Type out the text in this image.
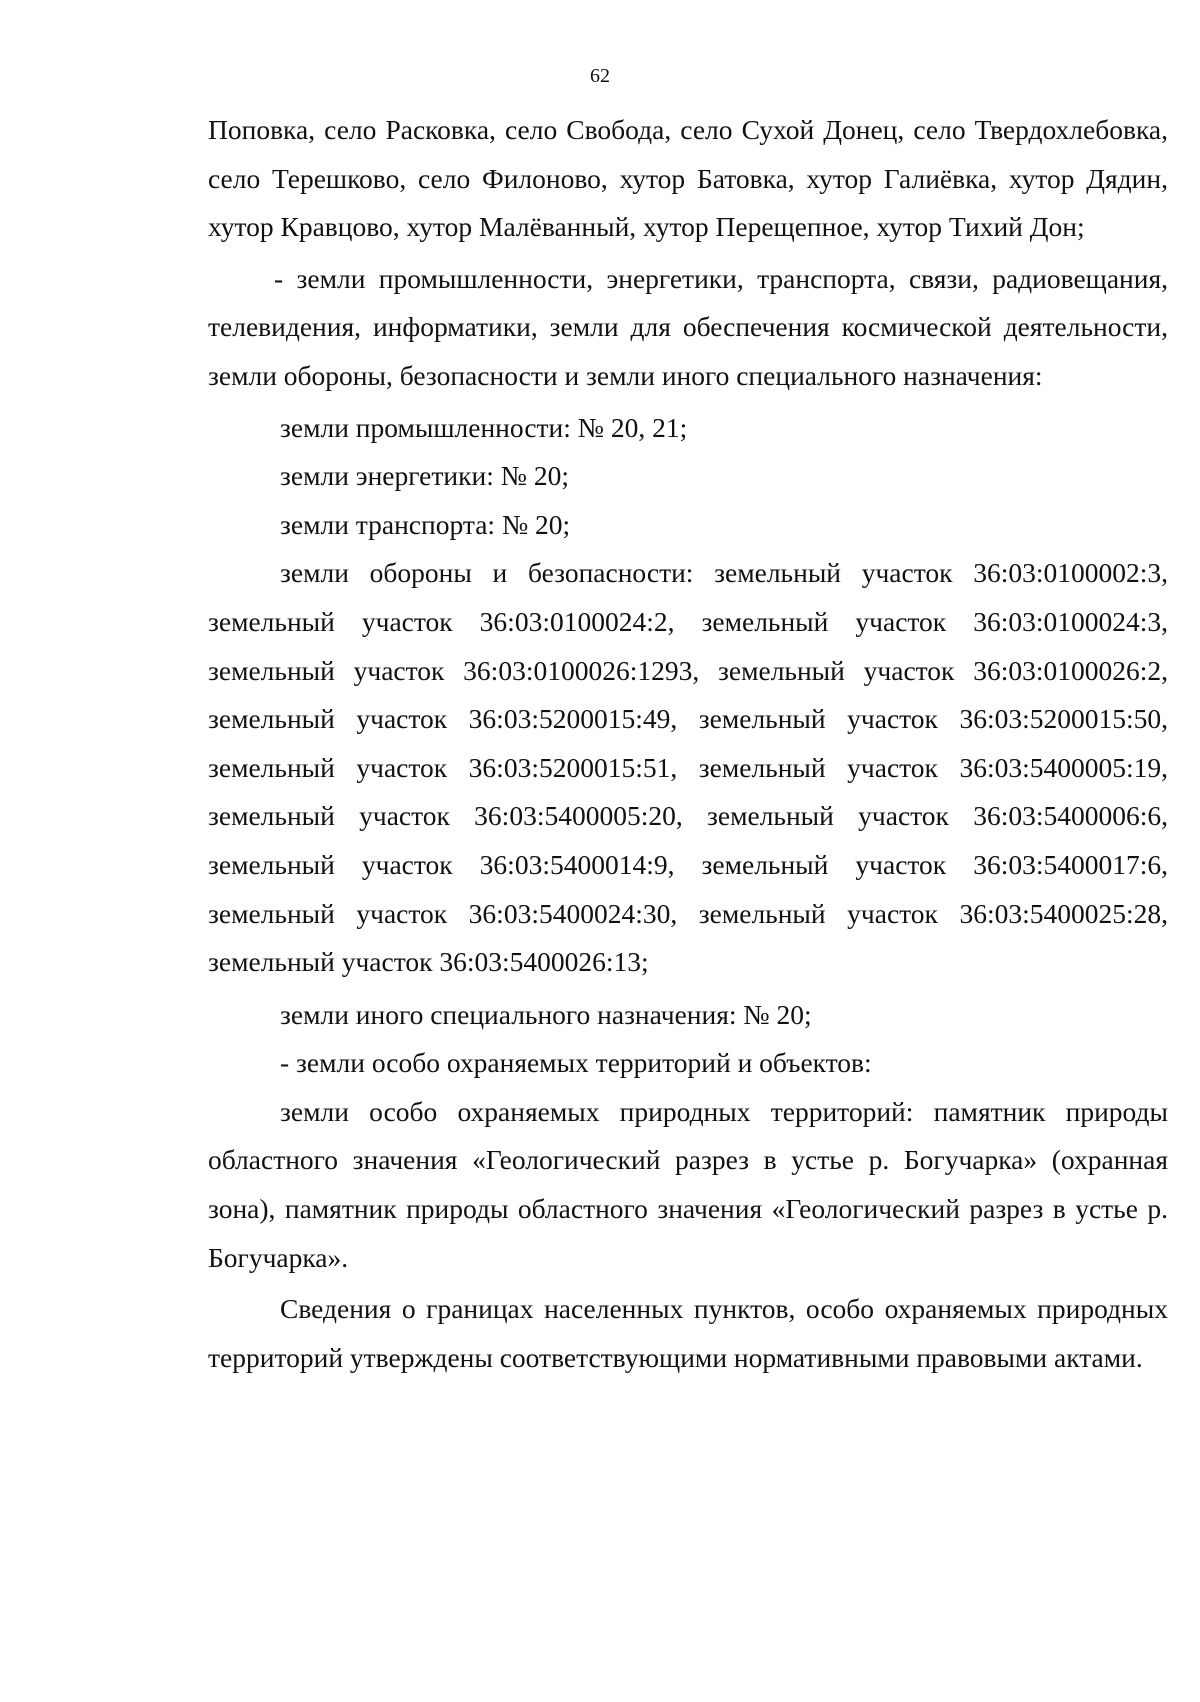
62

Поповка, село Расковка, село Свобода, село Сухой Донец, село Твердохлебовка, село Терешково, село Филоново, хутор Батовка, хутор Галиёвка, хутор Дядин, хутор Кравцово, хутор Малёванный, хутор Перещепное, хутор Тихий Дон;

- земли промышленности, энергетики, транспорта, связи, радиовещания, телевидения, информатики, земли для обеспечения космической деятельности, земли обороны, безопасности и земли иного специального назначения:

земли промышленности: № 20, 21;

земли энергетики: № 20;

земли транспорта: № 20;

земли обороны и безопасности: земельный участок 36:03:0100002:3, земельный участок 36:03:0100024:2, земельный участок 36:03:0100024:3, земельный участок 36:03:0100026:1293, земельный участок 36:03:0100026:2, земельный участок 36:03:5200015:49, земельный участок 36:03:5200015:50, земельный участок 36:03:5200015:51, земельный участок 36:03:5400005:19, земельный участок 36:03:5400005:20, земельный участок 36:03:5400006:6, земельный участок 36:03:5400014:9, земельный участок 36:03:5400017:6, земельный участок 36:03:5400024:30, земельный участок 36:03:5400025:28, земельный участок 36:03:5400026:13;

земли иного специального назначения: № 20;

- земли особо охраняемых территорий и объектов:

земли особо охраняемых природных территорий: памятник природы областного значения «Геологический разрез в устье р. Богучарка» (охранная зона), памятник природы областного значения «Геологический разрез в устье р. Богучарка».

Сведения о границах населенных пунктов, особо охраняемых природных территорий утверждены соответствующими нормативными правовыми актами.
